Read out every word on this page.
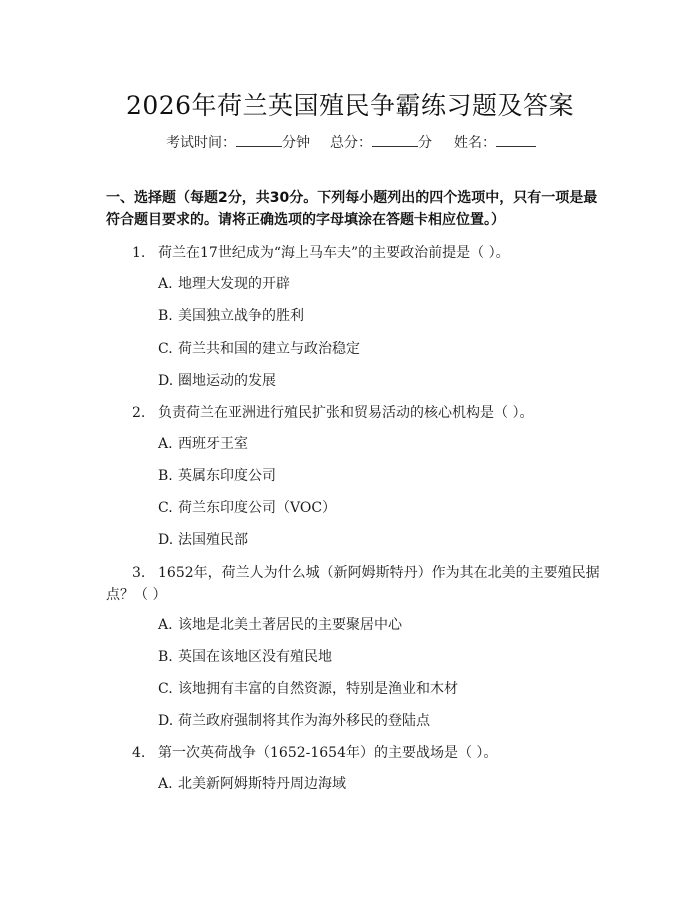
2026年荷兰英国殖民争霸练习题及答案
考试时间：	分钟 总分：	分 姓名：
一、选择题（每题2分，共30分。下列每小题列出的四个选项中，只有一项是最符合题目要求的。请将正确选项的字母填涂在答题卡相应位置。）
1. 荷兰在17世纪成为“海上马车夫”的主要政治前提是（ ）。
A. 地理大发现的开辟
B. 美国独立战争的胜利
C. 荷兰共和国的建立与政治稳定
D. 圈地运动的发展
2. 负责荷兰在亚洲进行殖民扩张和贸易活动的核心机构是（ ）。
A. 西班牙王室
B. 英属东印度公司
C. 荷兰东印度公司（VOC）
D. 法国殖民部
3. 1652年，荷兰人为什么城（新阿姆斯特丹）作为其在北美的主要殖民据点？（ ）
A. 该地是北美土著居民的主要聚居中心
B. 英国在该地区没有殖民地
C. 该地拥有丰富的自然资源，特别是渔业和木材
D. 荷兰政府强制将其作为海外移民的登陆点
4. 第一次英荷战争（1652-1654年）的主要战场是（ ）。
A. 北美新阿姆斯特丹周边海域
